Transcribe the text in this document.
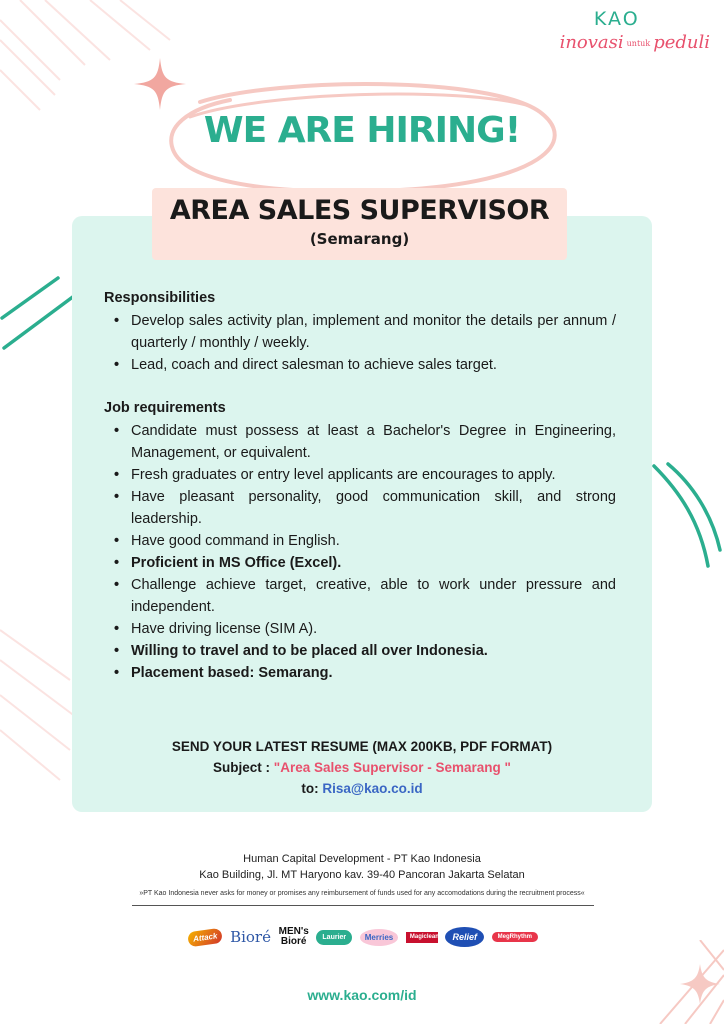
KAO
inovasi untuk peduli
WE ARE HIRING!
AREA SALES SUPERVISOR
(Semarang)
Responsibilities
• Develop sales activity plan, implement and monitor the details per annum / quarterly / monthly / weekly.
• Lead, coach and direct salesman to achieve sales target.
Job requirements
• Candidate must possess at least a Bachelor's Degree in Engineering, Management, or equivalent.
• Fresh graduates or entry level applicants are encourages to apply.
• Have pleasant personality, good communication skill, and strong leadership.
• Have good command in English.
• Proficient in MS Office (Excel).
• Challenge achieve target, creative, able to work under pressure and independent.
• Have driving license (SIM A).
• Willing to travel and to be placed all over Indonesia.
• Placement based: Semarang.
SEND YOUR LATEST RESUME (MAX 200KB, PDF FORMAT)
Subject : "Area Sales Supervisor - Semarang "
to: Risa@kao.co.id
Human Capital Development - PT Kao Indonesia
Kao Building, Jl. MT Haryono kav. 39-40 Pancoran Jakarta Selatan
»PT Kao Indonesia never asks for money or promises any reimbursement of funds used for any accomodations during the recruitment process«
Attack Bioré MEN's
Bioré	Laurier	Merries	Magiclean	Relief	MegRhythm
www.kao.com/id
